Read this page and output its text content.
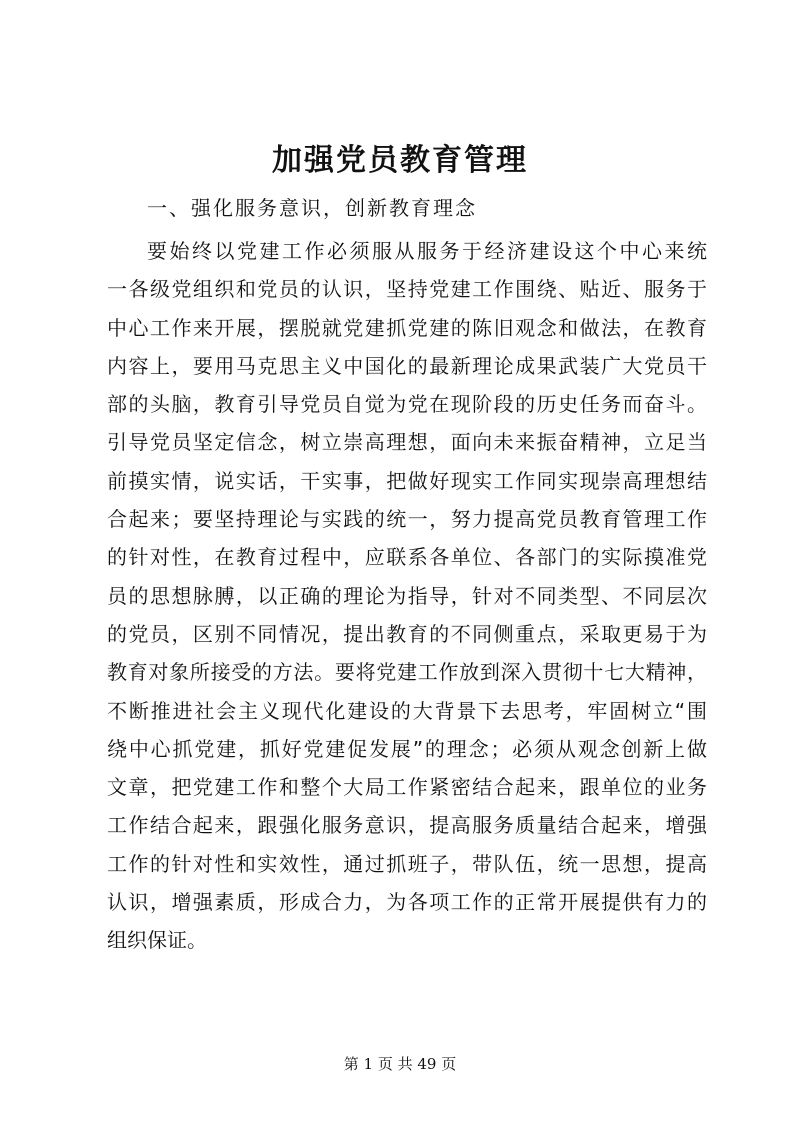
加强党员教育管理
一、强化服务意识，创新教育理念
要始终以党建工作必须服从服务于经济建设这个中心来统
一各级党组织和党员的认识，坚持党建工作围绕、贴近、服务于
中心工作来开展，摆脱就党建抓党建的陈旧观念和做法，在教育
内容上，要用马克思主义中国化的最新理论成果武装广大党员干
部的头脑，教育引导党员自觉为党在现阶段的历史任务而奋斗。
引导党员坚定信念，树立崇高理想，面向未来振奋精神，立足当
前摸实情，说实话，干实事，把做好现实工作同实现崇高理想结
合起来；要坚持理论与实践的统一，努力提高党员教育管理工作
的针对性，在教育过程中，应联系各单位、各部门的实际摸准党
员的思想脉膊，以正确的理论为指导，针对不同类型、不同层次
的党员，区别不同情况，提出教育的不同侧重点，采取更易于为
教育对象所接受的方法。要将党建工作放到深入贯彻十七大精神，
不断推进社会主义现代化建设的大背景下去思考，牢固树立“围
绕中心抓党建，抓好党建促发展”的理念；必须从观念创新上做
文章，把党建工作和整个大局工作紧密结合起来，跟单位的业务
工作结合起来，跟强化服务意识，提高服务质量结合起来，增强
工作的针对性和实效性，通过抓班子，带队伍，统一思想，提高
认识，增强素质，形成合力，为各项工作的正常开展提供有力的
组织保证。
第 1 页 共 49 页
